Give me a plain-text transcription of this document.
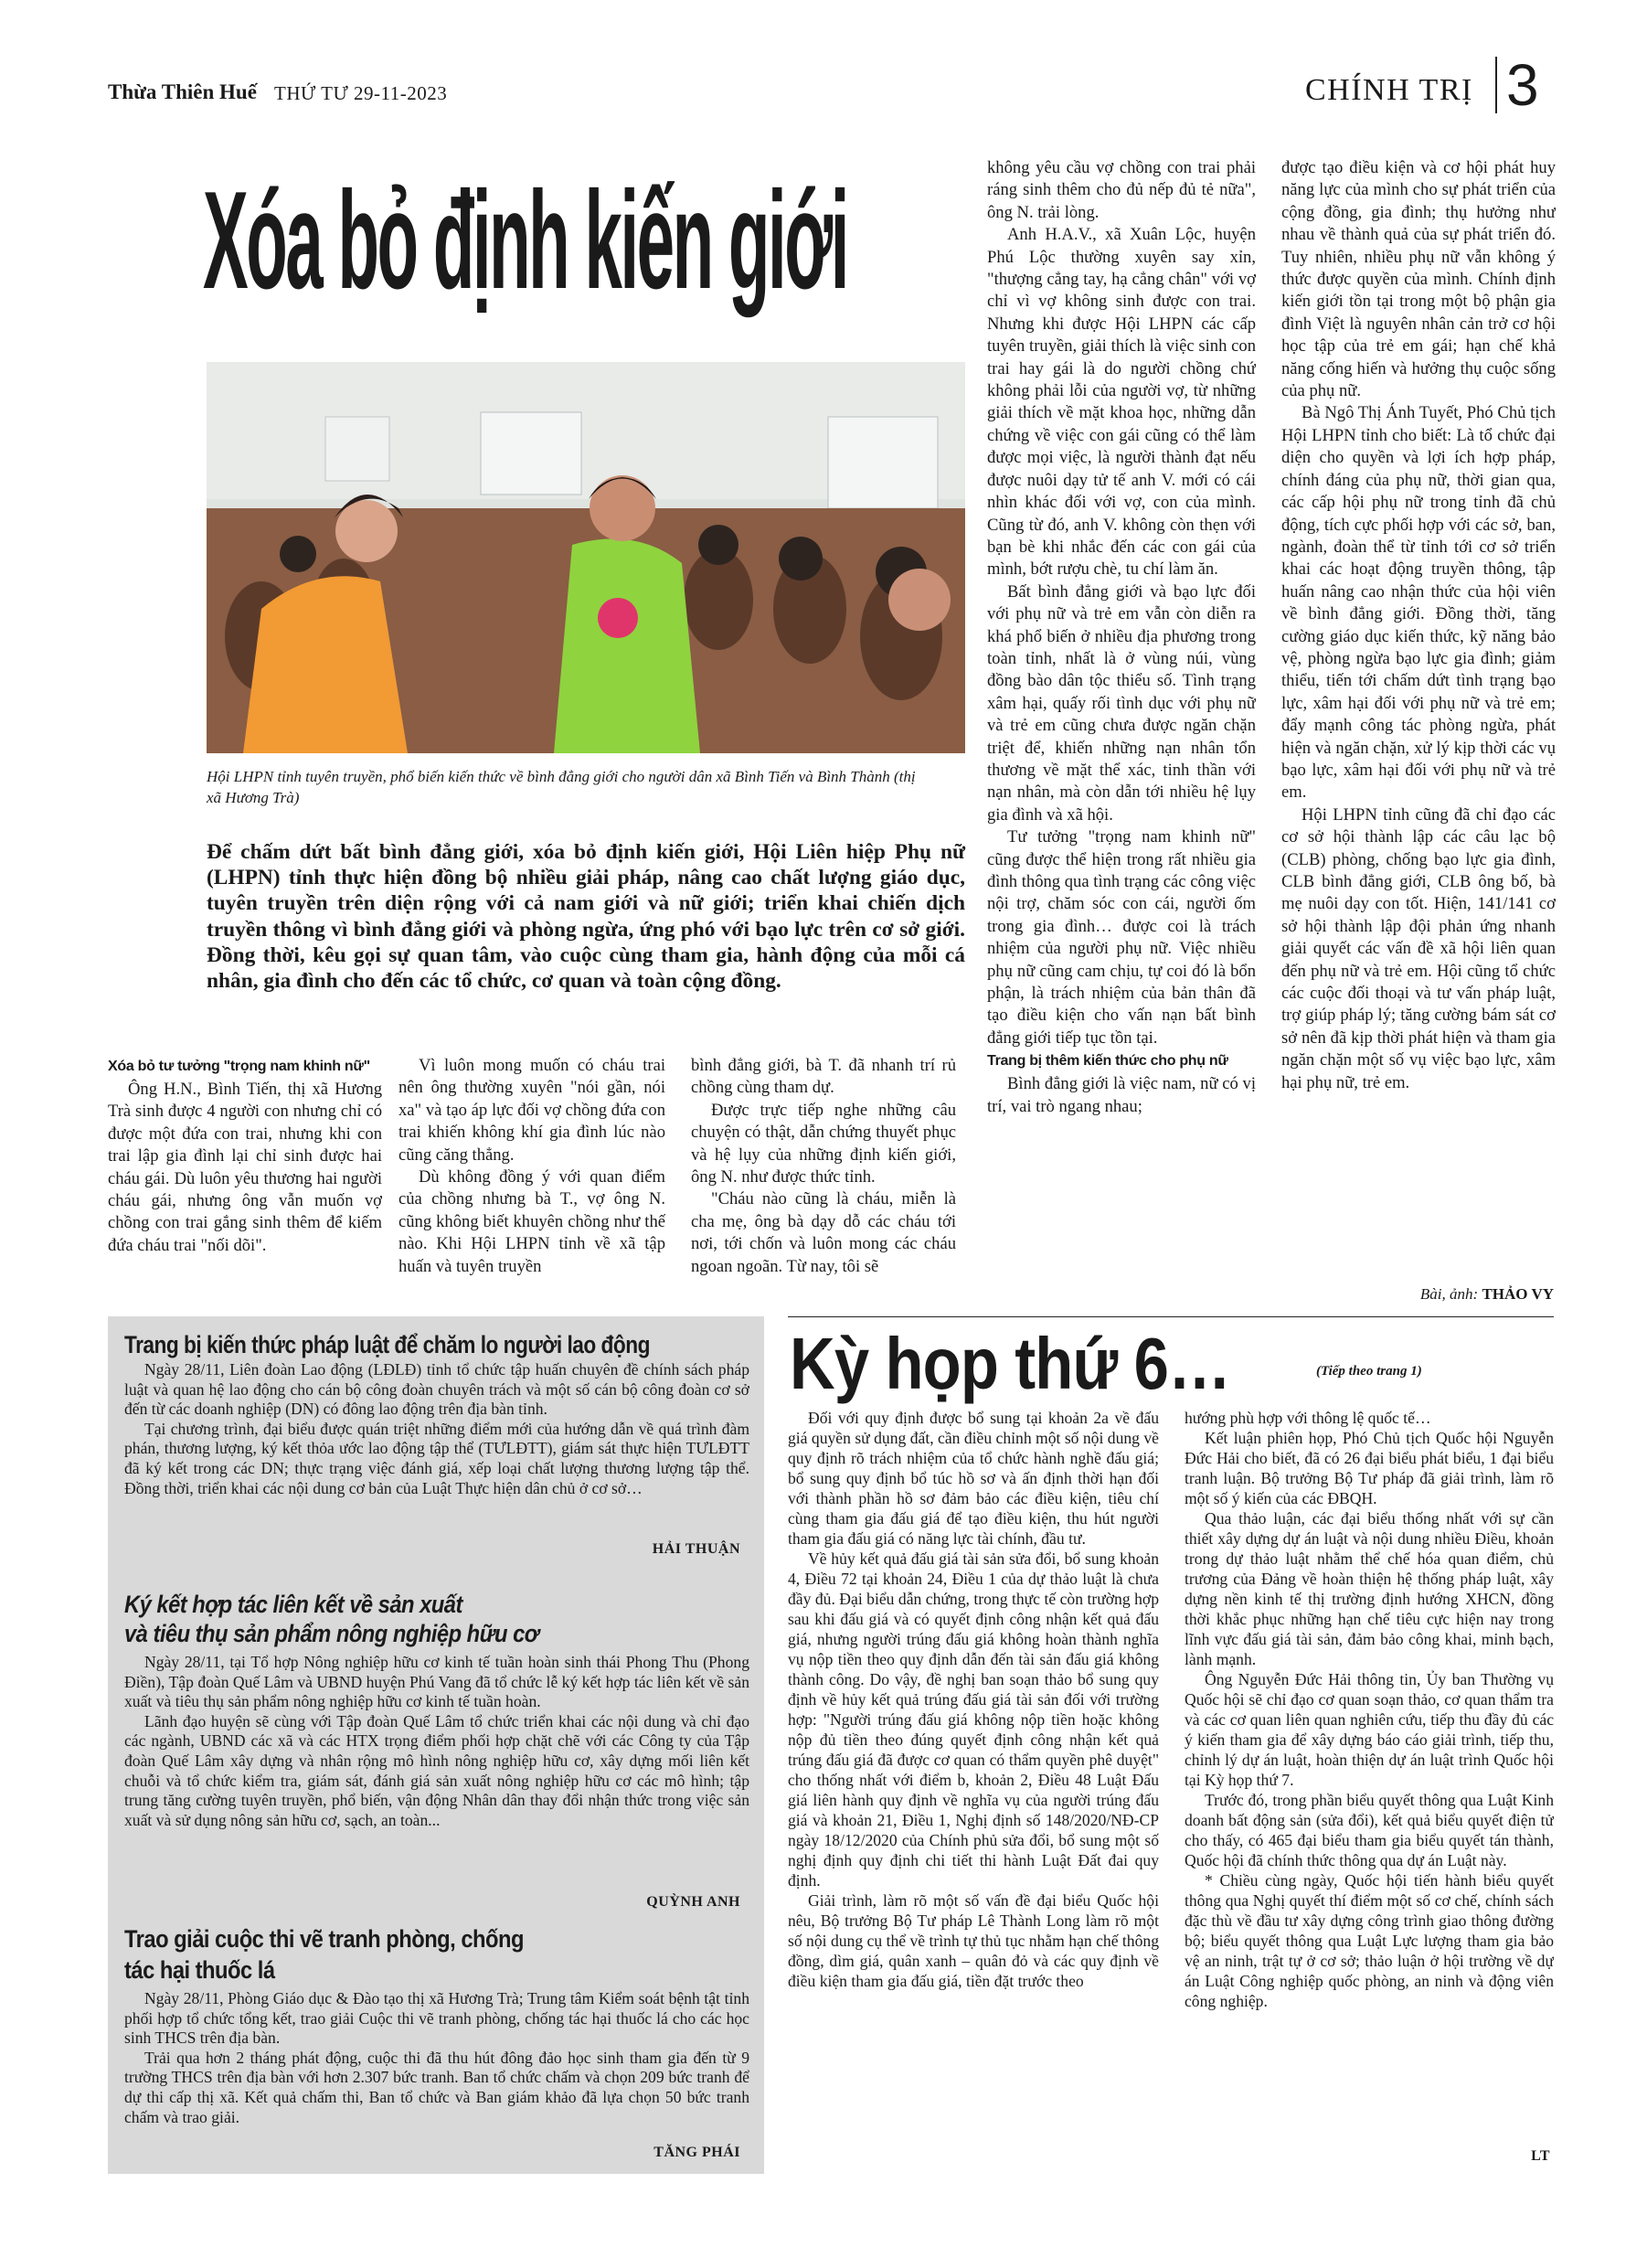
Thừa Thiên Huế THỨ TƯ 29-11-2023	CHÍNH TRỊ 3
Xóa bỏ định kiến giới
Hội LHPN tỉnh tuyên truyền, phổ biến kiến thức về bình đẳng giới cho người dân xã Bình Tiến và Bình Thành (thị xã Hương Trà)
Để chấm dứt bất bình đẳng giới, xóa bỏ định kiến giới, Hội Liên hiệp Phụ nữ (LHPN) tỉnh thực hiện đồng bộ nhiều giải pháp, nâng cao chất lượng giáo dục, tuyên truyền trên diện rộng với cả nam giới và nữ giới; triển khai chiến dịch truyền thông vì bình đẳng giới và phòng ngừa, ứng phó với bạo lực trên cơ sở giới. Đồng thời, kêu gọi sự quan tâm, vào cuộc cùng tham gia, hành động của mỗi cá nhân, gia đình cho đến các tổ chức, cơ quan và toàn cộng đồng.
Xóa bỏ tư tưởng "trọng nam khinh nữ"

Ông H.N., Bình Tiến, thị xã Hương Trà sinh được 4 người con nhưng chỉ có được một đứa con trai, nhưng khi con trai lập gia đình lại chỉ sinh được hai cháu gái. Dù luôn yêu thương hai người cháu gái, nhưng ông vẫn muốn vợ chồng con trai gắng sinh thêm để kiếm đứa cháu trai "nối dõi".

Vì luôn mong muốn có cháu trai nên ông thường xuyên "nói gần, nói xa" và tạo áp lực đối vợ chồng đứa con trai khiến không khí gia đình lúc nào cũng căng thẳng.

Dù không đồng ý với quan điểm của chồng nhưng bà T., vợ ông N. cũng không biết khuyên chồng như thế nào. Khi Hội LHPN tỉnh về xã tập huấn và tuyên truyền

bình đẳng giới, bà T. đã nhanh trí rủ chồng cùng tham dự.

Được trực tiếp nghe những câu chuyện có thật, dẫn chứng thuyết phục và hệ lụy của những định kiến giới, ông N. như được thức tỉnh.

"Cháu nào cũng là cháu, miễn là cha mẹ, ông bà dạy dỗ các cháu tới nơi, tới chốn và luôn mong các cháu ngoan ngoãn. Từ nay, tôi sẽ

không yêu cầu vợ chồng con trai phải ráng sinh thêm cho đủ nếp đủ tẻ nữa", ông N. trải lòng.

Anh H.A.V., xã Xuân Lộc, huyện Phú Lộc thường xuyên say xỉn, "thượng cẳng tay, hạ cẳng chân" với vợ chỉ vì vợ không sinh được con trai. Nhưng khi được Hội LHPN các cấp tuyên truyền, giải thích là việc sinh con trai hay gái là do người chồng chứ không phải lỗi của người vợ, từ những giải thích về mặt khoa học, những dẫn chứng về việc con gái cũng có thể làm được mọi việc, là người thành đạt nếu được nuôi dạy tử tế anh V. mới có cái nhìn khác đối với vợ, con của mình. Cũng từ đó, anh V. không còn thẹn với bạn bè khi nhắc đến các con gái của mình, bớt rượu chè, tu chí làm ăn.

Bất bình đẳng giới và bạo lực đối với phụ nữ và trẻ em vẫn còn diễn ra khá phổ biến ở nhiều địa phương trong toàn tỉnh, nhất là ở vùng núi, vùng đồng bào dân tộc thiểu số. Tình trạng xâm hại, quấy rối tình dục với phụ nữ và trẻ em cũng chưa được ngăn chặn triệt để, khiến những nạn nhân tổn thương về mặt thể xác, tinh thần với nạn nhân, mà còn dẫn tới nhiều hệ lụy gia đình và xã hội.

Tư tưởng "trọng nam khinh nữ" cũng được thể hiện trong rất nhiều gia đình thông qua tình trạng các công việc nội trợ, chăm sóc con cái, người ốm trong gia đình… được coi là trách nhiệm của người phụ nữ. Việc nhiều phụ nữ cũng cam chịu, tự coi đó là bổn phận, là trách nhiệm của bản thân đã tạo điều kiện cho vấn nạn bất bình đẳng giới tiếp tục tồn tại.

Trang bị thêm kiến thức cho phụ nữ

Bình đẳng giới là việc nam, nữ có vị trí, vai trò ngang nhau;

được tạo điều kiện và cơ hội phát huy năng lực của mình cho sự phát triển của cộng đồng, gia đình; thụ hưởng như nhau về thành quả của sự phát triển đó. Tuy nhiên, nhiều phụ nữ vẫn không ý thức được quyền của mình. Chính định kiến giới tồn tại trong một bộ phận gia đình Việt là nguyên nhân cản trở cơ hội học tập của trẻ em gái; hạn chế khả năng cống hiến và hưởng thụ cuộc sống của phụ nữ.

Bà Ngô Thị Ánh Tuyết, Phó Chủ tịch Hội LHPN tỉnh cho biết: Là tổ chức đại diện cho quyền và lợi ích hợp pháp, chính đáng của phụ nữ, thời gian qua, các cấp hội phụ nữ trong tỉnh đã chủ động, tích cực phối hợp với các sở, ban, ngành, đoàn thể từ tỉnh tới cơ sở triển khai các hoạt động truyền thông, tập huấn nâng cao nhận thức của hội viên về bình đẳng giới. Đồng thời, tăng cường giáo dục kiến thức, kỹ năng bảo vệ, phòng ngừa bạo lực gia đình; giảm thiểu, tiến tới chấm dứt tình trạng bạo lực, xâm hại đối với phụ nữ và trẻ em; đẩy mạnh công tác phòng ngừa, phát hiện và ngăn chặn, xử lý kịp thời các vụ bạo lực, xâm hại đối với phụ nữ và trẻ em.

Hội LHPN tỉnh cũng đã chỉ đạo các cơ sở hội thành lập các câu lạc bộ (CLB) phòng, chống bạo lực gia đình, CLB bình đẳng giới, CLB ông bố, bà mẹ nuôi dạy con tốt. Hiện, 141/141 cơ sở hội thành lập đội phản ứng nhanh giải quyết các vấn đề xã hội liên quan đến phụ nữ và trẻ em. Hội cũng tổ chức các cuộc đối thoại và tư vấn pháp luật, trợ giúp pháp lý; tăng cường bám sát cơ sở nên đã kịp thời phát hiện và tham gia ngăn chặn một số vụ việc bạo lực, xâm hại phụ nữ, trẻ em.

Bài, ảnh: THẢO VY
Trang bị kiến thức pháp luật để chăm lo người lao động

Ngày 28/11, Liên đoàn Lao động (LĐLĐ) tỉnh tổ chức tập huấn chuyên đề chính sách pháp luật và quan hệ lao động cho cán bộ công đoàn chuyên trách và một số cán bộ công đoàn cơ sở đến từ các doanh nghiệp (DN) có đông lao động trên địa bàn tỉnh.

Tại chương trình, đại biểu được quán triệt những điểm mới của hướng dẫn về quá trình đàm phán, thương lượng, ký kết thỏa ước lao động tập thể (TƯLĐTT), giám sát thực hiện TƯLĐTT đã ký kết trong các DN; thực trạng việc đánh giá, xếp loại chất lượng thương lượng tập thể. Đồng thời, triển khai các nội dung cơ bản của Luật Thực hiện dân chủ ở cơ sở…

HẢI THUẬN
Ký kết hợp tác liên kết về sản xuất
và tiêu thụ sản phẩm nông nghiệp hữu cơ

Ngày 28/11, tại Tổ hợp Nông nghiệp hữu cơ kinh tế tuần hoàn sinh thái Phong Thu (Phong Điền), Tập đoàn Quế Lâm và UBND huyện Phú Vang đã tổ chức lễ ký kết hợp tác liên kết về sản xuất và tiêu thụ sản phẩm nông nghiệp hữu cơ kinh tế tuần hoàn.

Lãnh đạo huyện sẽ cùng với Tập đoàn Quế Lâm tổ chức triển khai các nội dung và chỉ đạo các ngành, UBND các xã và các HTX trọng điểm phối hợp chặt chẽ với các Công ty của Tập đoàn Quế Lâm xây dựng và nhân rộng mô hình nông nghiệp hữu cơ, xây dựng mối liên kết chuỗi và tổ chức kiểm tra, giám sát, đánh giá sản xuất nông nghiệp hữu cơ các mô hình; tập trung tăng cường tuyên truyền, phổ biến, vận động Nhân dân thay đổi nhận thức trong việc sản xuất và sử dụng nông sản hữu cơ, sạch, an toàn...

QUỲNH ANH
Trao giải cuộc thi vẽ tranh phòng, chống
tác hại thuốc lá

Ngày 28/11, Phòng Giáo dục & Đào tạo thị xã Hương Trà; Trung tâm Kiểm soát bệnh tật tỉnh phối hợp tổ chức tổng kết, trao giải Cuộc thi vẽ tranh phòng, chống tác hại thuốc lá cho các học sinh THCS trên địa bàn.

Trải qua hơn 2 tháng phát động, cuộc thi đã thu hút đông đảo học sinh tham gia đến từ 9 trường THCS trên địa bàn với hơn 2.307 bức tranh. Ban tổ chức chấm và chọn 209 bức tranh để dự thi cấp thị xã. Kết quả chấm thi, Ban tổ chức và Ban giám khảo đã lựa chọn 50 bức tranh chấm và trao giải.

TĂNG PHÁI
Kỳ họp thứ 6…	(Tiếp theo trang 1)

Đối với quy định được bổ sung tại khoản 2a về đấu giá quyền sử dụng đất, cần điều chỉnh một số nội dung về quy định rõ trách nhiệm của tổ chức hành nghề đấu giá; bổ sung quy định bổ túc hồ sơ và ấn định thời hạn đối với thành phần hồ sơ đảm bảo các điều kiện, tiêu chí cùng tham gia đấu giá để tạo điều kiện, thu hút người tham gia đấu giá có năng lực tài chính, đầu tư.

Về hủy kết quả đấu giá tài sản sửa đổi, bổ sung khoản 4, Điều 72 tại khoản 24, Điều 1 của dự thảo luật là chưa đầy đủ. Đại biểu dẫn chứng, trong thực tế còn trường hợp sau khi đấu giá và có quyết định công nhận kết quả đấu giá, nhưng người trúng đấu giá không hoàn thành nghĩa vụ nộp tiền theo quy định dẫn đến tài sản đấu giá không thành công. Do vậy, đề nghị ban soạn thảo bổ sung quy định về hủy kết quả trúng đấu giá tài sản đối với trường hợp: "Người trúng đấu giá không nộp tiền hoặc không nộp đủ tiền theo đúng quyết định công nhận kết quả trúng đấu giá đã được cơ quan có thẩm quyền phê duyệt" cho thống nhất với điểm b, khoản 2, Điều 48 Luật Đấu giá liên hành quy định về nghĩa vụ của người trúng đấu giá và khoản 21, Điều 1, Nghị định số 148/2020/NĐ-CP ngày 18/12/2020 của Chính phủ sửa đổi, bổ sung một số nghị định quy định chi tiết thi hành Luật Đất đai quy định.

Giải trình, làm rõ một số vấn đề đại biểu Quốc hội nêu, Bộ trưởng Bộ Tư pháp Lê Thành Long làm rõ một số nội dung cụ thể về trình tự thủ tục nhằm hạn chế thông đồng, dìm giá, quân xanh – quân đỏ và các quy định về điều kiện tham gia đấu giá, tiền đặt trước theo

hướng phù hợp với thông lệ quốc tế…

Kết luận phiên họp, Phó Chủ tịch Quốc hội Nguyễn Đức Hải cho biết, đã có 26 đại biểu phát biểu, 1 đại biểu tranh luận. Bộ trưởng Bộ Tư pháp đã giải trình, làm rõ một số ý kiến của các ĐBQH.

Qua thảo luận, các đại biểu thống nhất với sự cần thiết xây dựng dự án luật và nội dung nhiều Điều, khoản trong dự thảo luật nhằm thể chế hóa quan điểm, chủ trương của Đảng về hoàn thiện hệ thống pháp luật, xây dựng nền kinh tế thị trường định hướng XHCN, đồng thời khắc phục những hạn chế tiêu cực hiện nay trong lĩnh vực đấu giá tài sản, đảm bảo công khai, minh bạch, lành mạnh.

Ông Nguyễn Đức Hải thông tin, Ủy ban Thường vụ Quốc hội sẽ chỉ đạo cơ quan soạn thảo, cơ quan thẩm tra và các cơ quan liên quan nghiên cứu, tiếp thu đầy đủ các ý kiến tham gia để xây dựng báo cáo giải trình, tiếp thu, chỉnh lý dự án luật, hoàn thiện dự án luật trình Quốc hội tại Kỳ họp thứ 7.

Trước đó, trong phần biểu quyết thông qua Luật Kinh doanh bất động sản (sửa đổi), kết quả biểu quyết điện tử cho thấy, có 465 đại biểu tham gia biểu quyết tán thành, Quốc hội đã chính thức thông qua dự án Luật này.

* Chiều cùng ngày, Quốc hội tiến hành biểu quyết thông qua Nghị quyết thí điểm một số cơ chế, chính sách đặc thù về đầu tư xây dựng công trình giao thông đường bộ; biểu quyết thông qua Luật Lực lượng tham gia bảo vệ an ninh, trật tự ở cơ sở; thảo luận ở hội trường về dự án Luật Công nghiệp quốc phòng, an ninh và động viên công nghiệp.

LT
